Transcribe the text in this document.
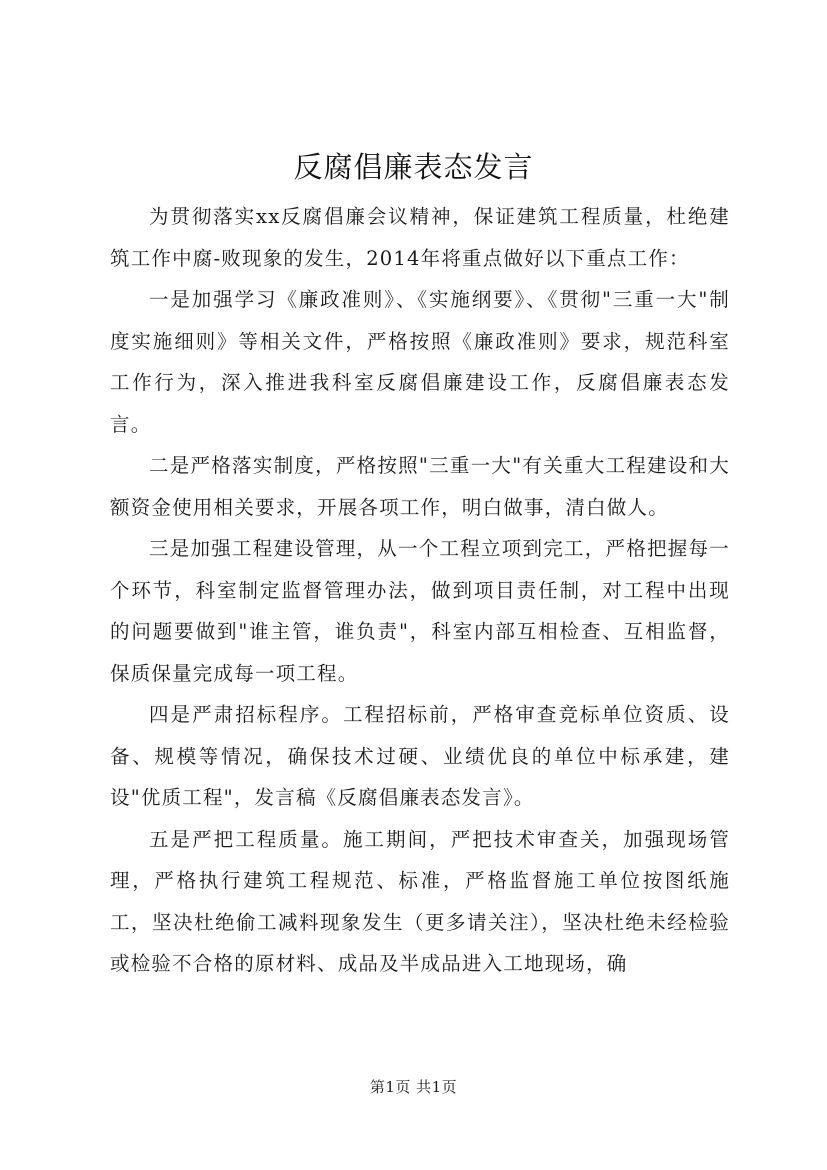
反腐倡廉表态发言

为贯彻落实xx反腐倡廉会议精神，保证建筑工程质量，杜绝建筑工作中腐-败现象的发生，2014年将重点做好以下重点工作：

一是加强学习《廉政准则》、《实施纲要》、《贯彻"三重一大"制度实施细则》等相关文件，严格按照《廉政准则》要求，规范科室工作行为，深入推进我科室反腐倡廉建设工作，反腐倡廉表态发言。

二是严格落实制度，严格按照"三重一大"有关重大工程建设和大额资金使用相关要求，开展各项工作，明白做事，清白做人。

三是加强工程建设管理，从一个工程立项到完工，严格把握每一个环节，科室制定监督管理办法，做到项目责任制，对工程中出现的问题要做到"谁主管，谁负责"，科室内部互相检查、互相监督，保质保量完成每一项工程。

四是严肃招标程序。工程招标前，严格审查竞标单位资质、设备、规模等情况，确保技术过硬、业绩优良的单位中标承建，建设"优质工程"，发言稿《反腐倡廉表态发言》。

五是严把工程质量。施工期间，严把技术审查关，加强现场管理，严格执行建筑工程规范、标准，严格监督施工单位按图纸施工，坚决杜绝偷工减料现象发生（更多请关注），坚决杜绝未经检验或检验不合格的原材料、成品及半成品进入工地现场，确

第1页 共1页
